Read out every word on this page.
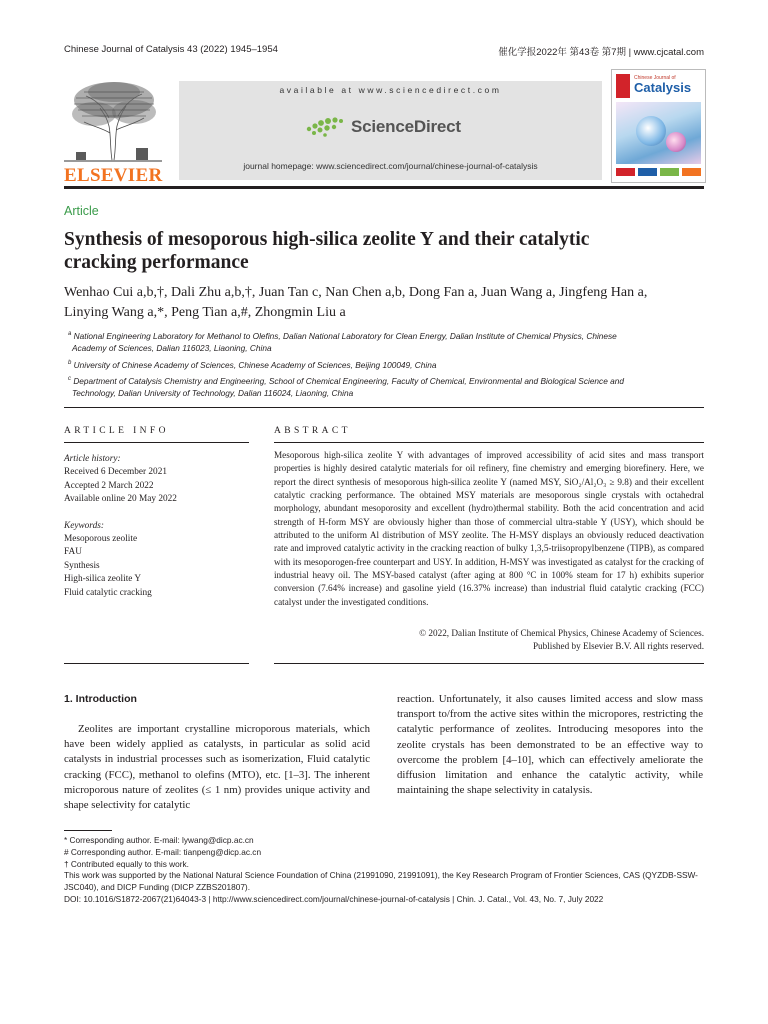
Chinese Journal of Catalysis 43 (2022) 1945–1954	催化学报2022年 第43卷 第7期 | www.cjcatal.com
ELSEVIER
available at www.sciencedirect.com
ScienceDirect
journal homepage: www.sciencedirect.com/journal/chinese-journal-of-catalysis
Chinese Journal of
Catalysis
Article
Synthesis of mesoporous high-silica zeolite Y and their catalytic
cracking performance
Wenhao Cui a,b,†, Dali Zhu a,b,†, Juan Tan c, Nan Chen a,b, Dong Fan a, Juan Wang a, Jingfeng Han a,
Linying Wang a,*, Peng Tian a,#, Zhongmin Liu a
$^a$ National Engineering Laboratory for Methanol to Olefins, Dalian National Laboratory for Clean Energy, Dalian Institute of Chemical Physics, Chinese
Academy of Sciences, Dalian 116023, Liaoning, China
$^b$ University of Chinese Academy of Sciences, Chinese Academy of Sciences, Beijing 100049, China
$^c$ Department of Catalysis Chemistry and Engineering, School of Chemical Engineering, Faculty of Chemical, Environmental and Biological Science and
Technology, Dalian University of Technology, Dalian 116024, Liaoning, China
ARTICLE INFO
Article history:
Received 6 December 2021
Accepted 2 March 2022
Available online 20 May 2022
Keywords:
Mesoporous zeolite
FAU
Synthesis
High-silica zeolite Y
Fluid catalytic cracking
ABSTRACT
Mesoporous high-silica zeolite Y with advantages of improved accessibility of acid sites and mass transport properties is highly desired catalytic materials for oil refinery, fine chemistry and emerging biorefinery. Here, we report the direct synthesis of mesoporous high-silica zeolite Y (named MSY, SiO₂/Al₂O₃ ≥ 9.8) and their excellent catalytic cracking performance. The obtained MSY materials are mesoporous single crystals with octahedral morphology, abundant mesoporosity and excellent (hydro)thermal stability. Both the acid concentration and acid strength of H-form MSY are obviously higher than those of commercial ultra-stable Y (USY), which should be attributed to the uniform Al distribution of MSY zeolite. The H-MSY displays an obviously reduced deactivation rate and improved catalytic activity in the cracking reaction of bulky 1,3,5-triisopropylbenzene (TIPB), as compared with its mesoporogen-free counterpart and USY. In addition, H-MSY was investigated as catalyst for the cracking of industrial heavy oil. The MSY-based catalyst (after aging at 800 °C in 100% steam for 17 h) exhibits superior conversion (7.64% increase) and gasoline yield (16.37% increase) than industrial fluid catalytic cracking (FCC) catalyst under the investigated conditions.
© 2022, Dalian Institute of Chemical Physics, Chinese Academy of Sciences.
Published by Elsevier B.V. All rights reserved.
1. Introduction
Zeolites are important crystalline microporous materials, which have been widely applied as catalysts, in particular as solid acid catalysts in industrial processes such as isomerization, Fluid catalytic cracking (FCC), methanol to olefins (MTO), etc. [1–3]. The inherent microporous nature of zeolites (≤ 1 nm) provides unique activity and shape selectivity for catalytic
reaction. Unfortunately, it also causes limited access and slow mass transport to/from the active sites within the micropores, restricting the catalytic performance of zeolites. Introducing mesopores into the zeolite crystals has been demonstrated to be an effective way to overcome the problem [4–10], which can effectively ameliorate the diffusion limitation and enhance the catalytic activity, while maintaining the shape selectivity in catalysis.
* Corresponding author. E-mail: lywang@dicp.ac.cn
# Corresponding author. E-mail: tianpeng@dicp.ac.cn
† Contributed equally to this work.
This work was supported by the National Natural Science Foundation of China (21991090, 21991091), the Key Research Program of Frontier Sciences, CAS (QYZDB-SSW-JSC040), and DICP Funding (DICP ZZBS201807).
DOI: 10.1016/S1872-2067(21)64043-3 | http://www.sciencedirect.com/journal/chinese-journal-of-catalysis | Chin. J. Catal., Vol. 43, No. 7, July 2022
